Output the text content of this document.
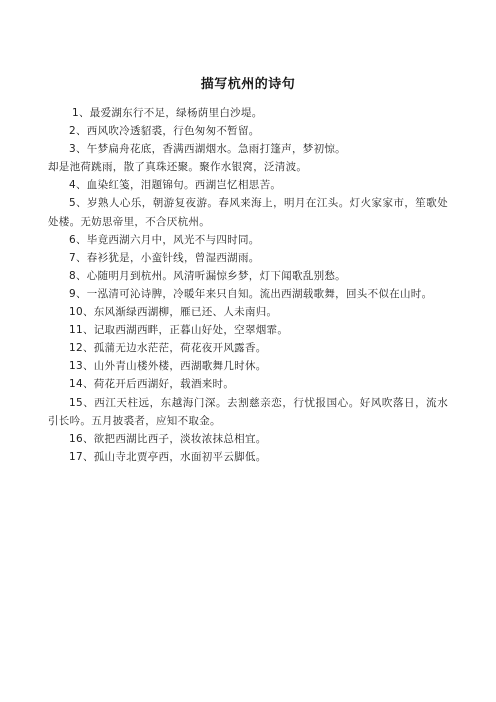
描写杭州的诗句

1、最爱湖东行不足，绿杨荫里白沙堤。

2、西风吹冷透貂裘，行色匆匆不暂留。

3、午梦扁舟花底，香满西湖烟水。急雨打篷声，梦初惊。

却是池荷跳雨，散了真珠还聚。聚作水银窝，泛清波。

4、血染红笺，泪题锦句。西湖岂忆相思苦。

5、岁熟人心乐，朝游复夜游。春风来海上，明月在江头。灯火家家市，笙歌处处楼。无妨思帝里，不合厌杭州。

6、毕竟西湖六月中，风光不与四时同。

7、春衫犹是，小蛮针线，曾湿西湖雨。

8、心随明月到杭州。风清听漏惊乡梦，灯下闻歌乱别愁。

9、一泓清可沁诗脾，冷暖年来只自知。流出西湖载歌舞，回头不似在山时。

10、东风渐绿西湖柳，雁已还、人未南归。

11、记取西湖西畔，正暮山好处，空翠烟霏。

12、孤蒲无边水茫茫，荷花夜开风露香。

13、山外青山楼外楼，西湖歌舞几时休。

14、荷花开后西湖好，载酒来时。

15、西江天柱远，东越海门深。去割慈亲恋，行忧报国心。好风吹落日，流水引长吟。五月披裘者，应知不取金。

16、欲把西湖比西子，淡妆浓抹总相宜。

17、孤山寺北贾亭西，水面初平云脚低。
